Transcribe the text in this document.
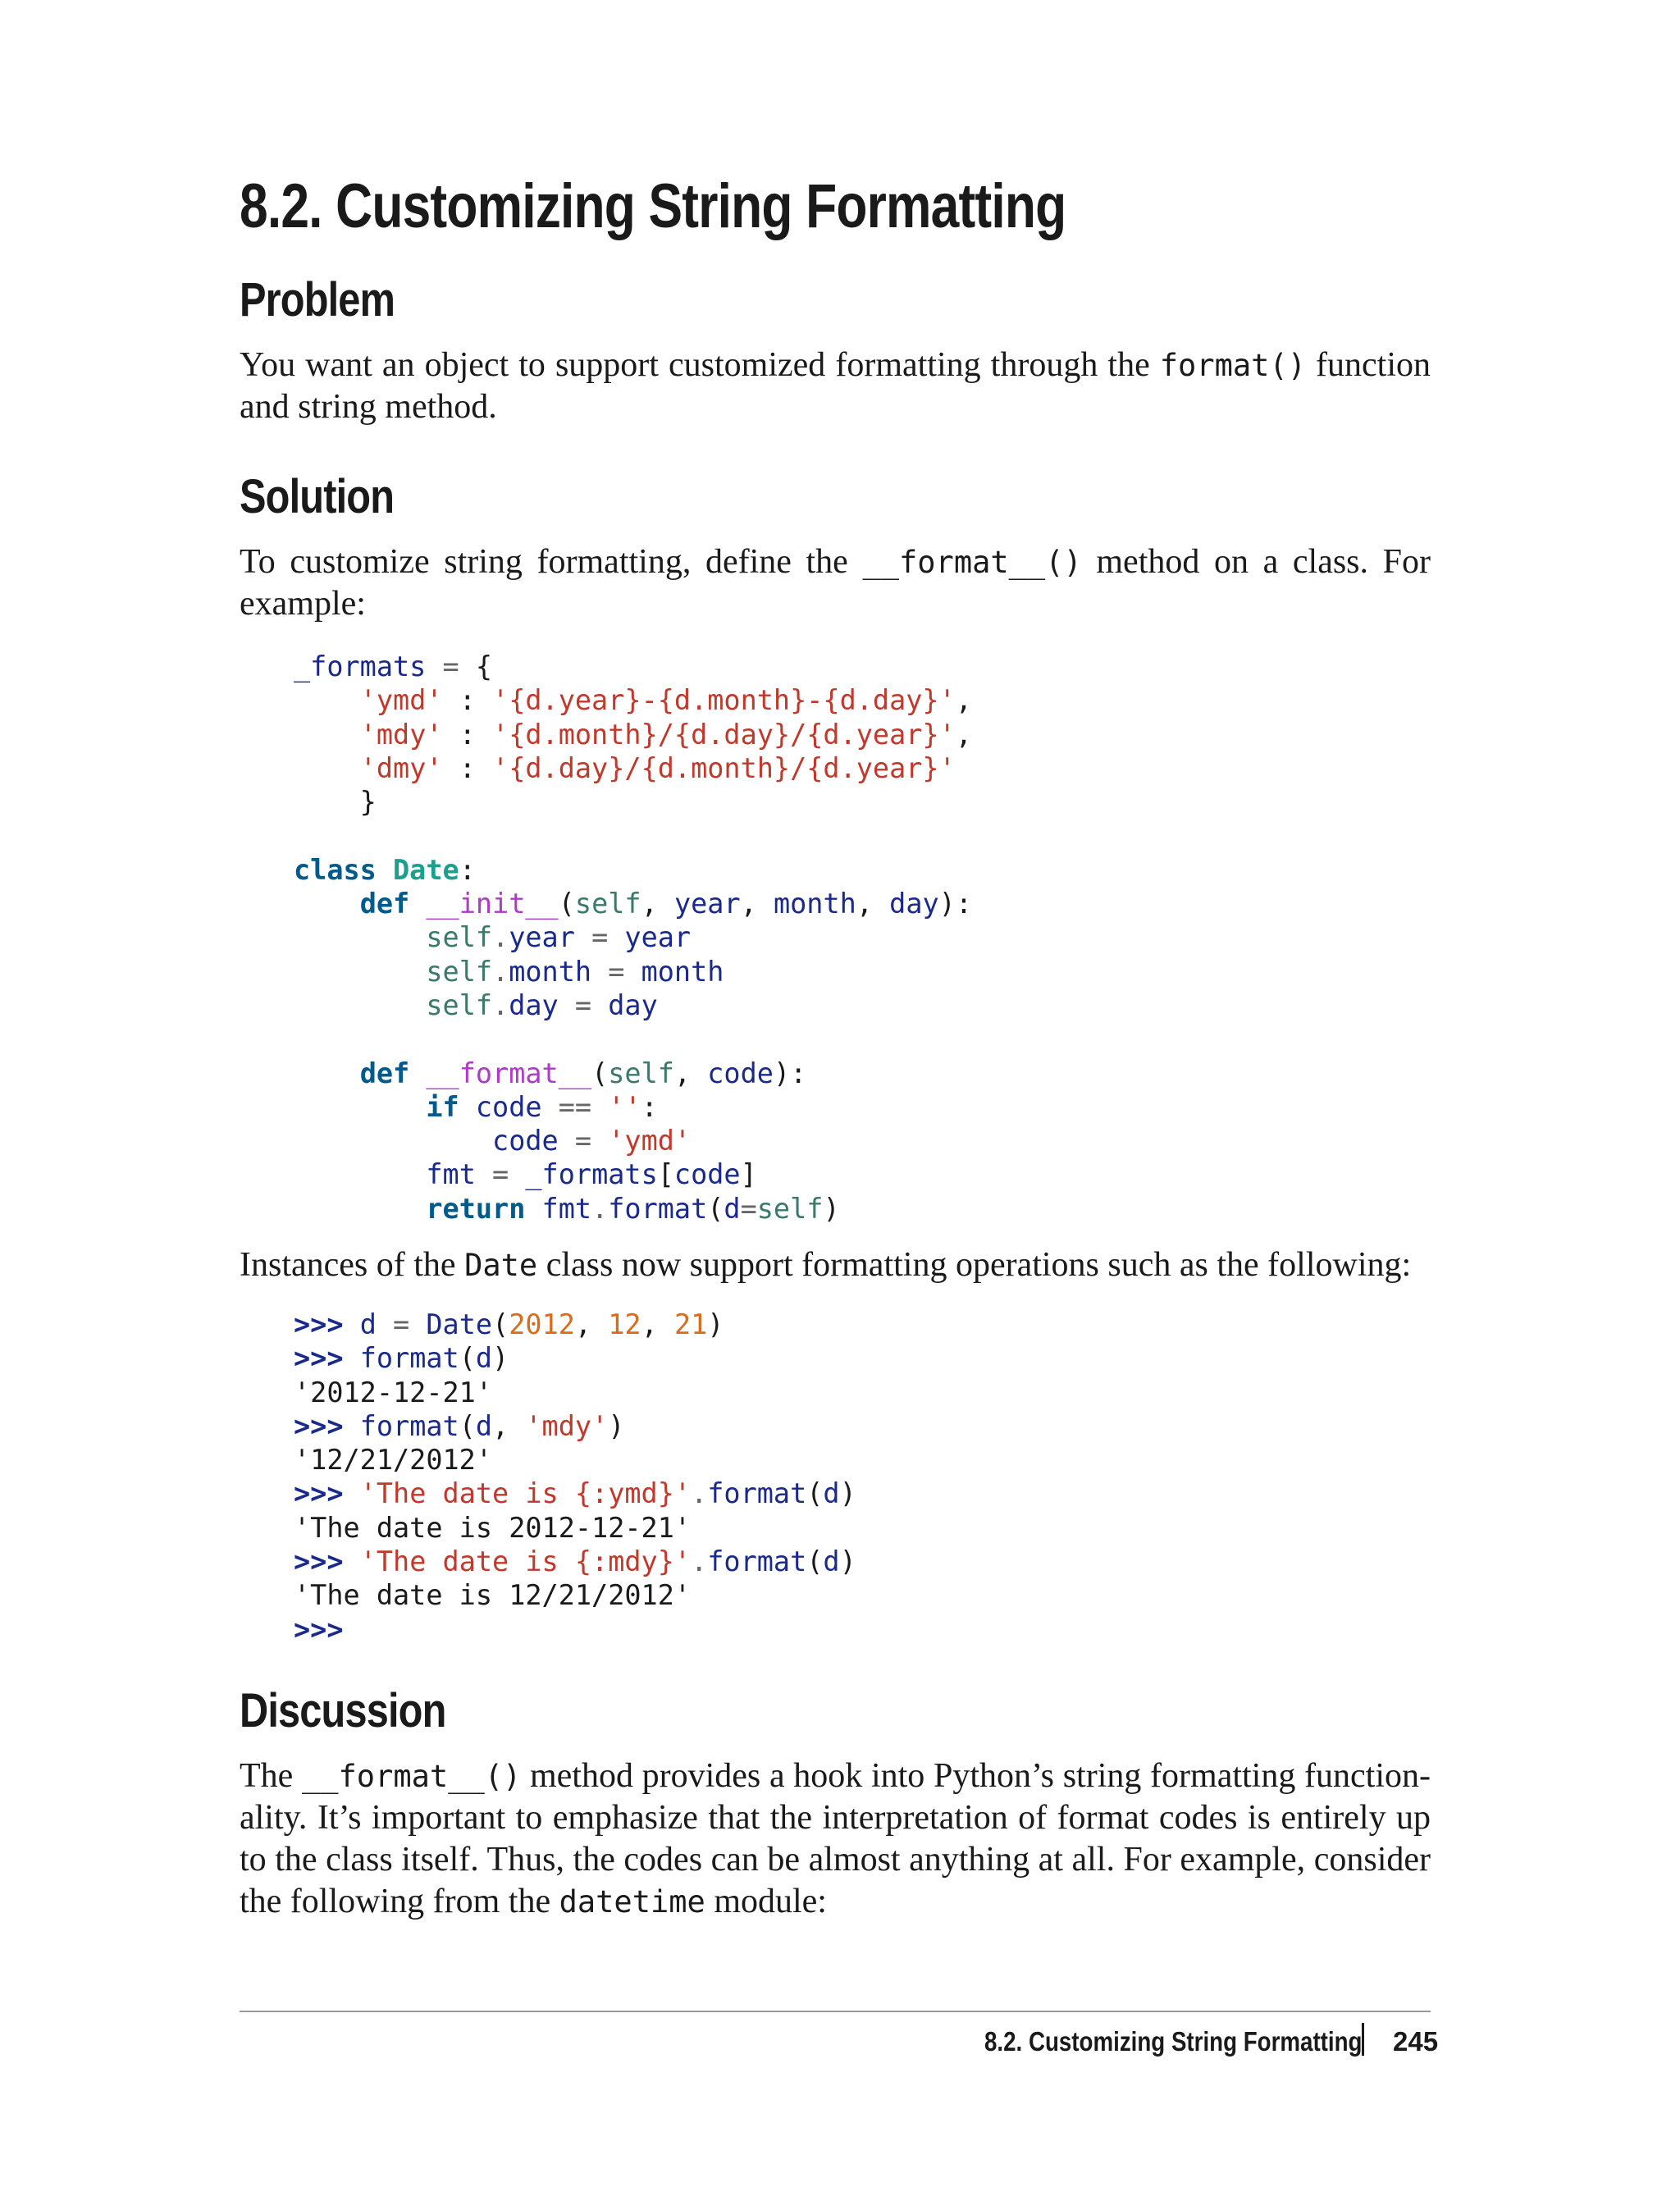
8.2. Customizing String Formatting
Problem

You want an object to support customized formatting through the format() function and string method.

Solution

To customize string formatting, define the __format__() method on a class. For example:

_formats = {
'ymd' : '{d.year}-{d.month}-{d.day}',
'mdy' : '{d.month}/{d.day}/{d.year}',
'dmy' : '{d.day}/{d.month}/{d.year}'
}

class Date:
def __init__(self, year, month, day):
self.year = year
self.month = month
self.day = day

def __format__(self, code):
if code == '':
code = 'ymd'
fmt = _formats[code]
return fmt.format(d=self)

Instances of the Date class now support formatting operations such as the following:

>>> d = Date(2012, 12, 21)
>>> format(d)
'2012-12-21'
>>> format(d, 'mdy')
'12/21/2012'
>>> 'The date is {:ymd}'.format(d)
'The date is 2012-12-21'
>>> 'The date is {:mdy}'.format(d)
'The date is 12/21/2012'
>>>
Discussion

The __format__() method provides a hook into Python’s string formatting functionality. It’s important to emphasize that the interpretation of format codes is entirely up to the class itself. Thus, the codes can be almost anything at all. For example, consider the following from the datetime module:

8.2. Customizing String Formatting 245
